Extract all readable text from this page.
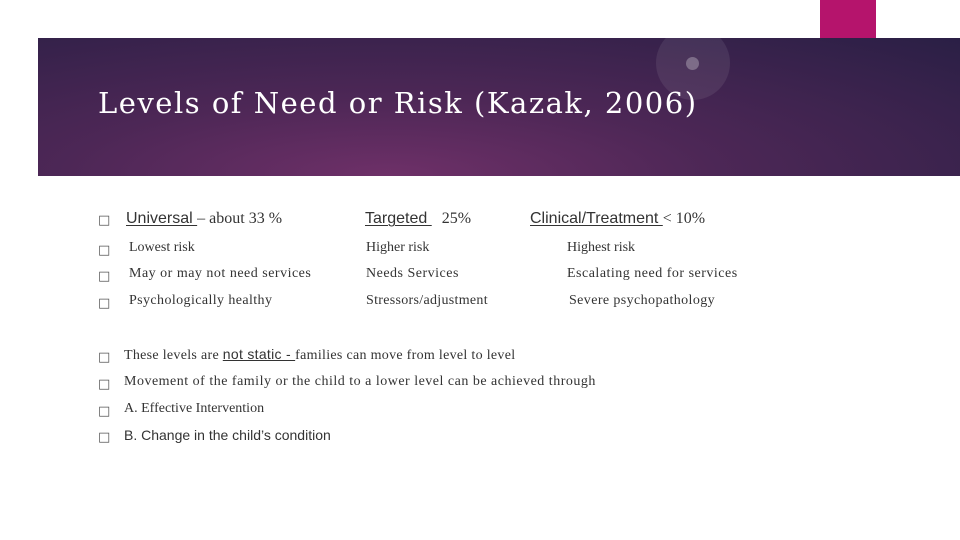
Levels of Need or Risk (Kazak, 2006)
□ Universal – about 33 %	Targeted 25%	Clinical/Treatment < 10%
□ Lowest risk	Higher risk	Highest risk
□ May or may not need services	Needs Services	Escalating need for services
□ Psychologically healthy	Stressors/adjustment	Severe psychopathology
□ These levels are not static - families can move from level to level
□ Movement of the family or the child to a lower level can be achieved through
□ A. Effective Intervention
□ B. Change in the child’s condition
